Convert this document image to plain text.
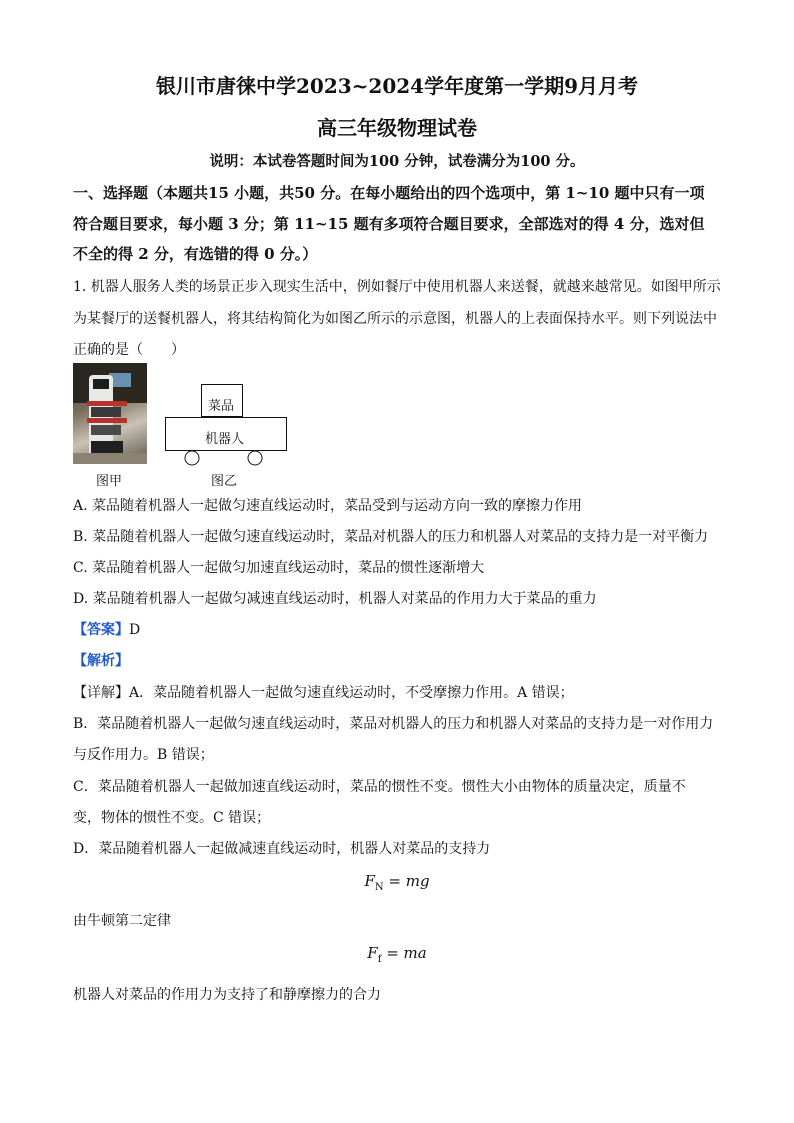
银川市唐徕中学2023~2024学年度第一学期9月月考
高三年级物理试卷
说明：本试卷答题时间为100 分钟，试卷满分为100 分。
一、选择题（本题共15 小题，共50 分。在每小题给出的四个选项中，第 1~10 题中只有一项
符合题目要求，每小题 3 分；第 11~15 题有多项符合题目要求，全部选对的得 4 分，选对但
不全的得 2 分，有选错的得 0 分。）
1. 机器人服务人类的场景正步入现实生活中，例如餐厅中使用机器人来送餐，就越来越常见。如图甲所示
为某餐厅的送餐机器人，将其结构简化为如图乙所示的示意图，机器人的上表面保持水平。则下列说法中
正确的是（　　）
图甲
菜品
机器人
图乙
A. 菜品随着机器人一起做匀速直线运动时，菜品受到与运动方向一致的摩擦力作用
B. 菜品随着机器人一起做匀速直线运动时，菜品对机器人的压力和机器人对菜品的支持力是一对平衡力
C. 菜品随着机器人一起做匀加速直线运动时，菜品的惯性逐渐增大
D. 菜品随着机器人一起做匀减速直线运动时，机器人对菜品的作用力大于菜品的重力
【答案】D
【解析】
【详解】A．菜品随着机器人一起做匀速直线运动时，不受摩擦力作用。A 错误；
B．菜品随着机器人一起做匀速直线运动时，菜品对机器人的压力和机器人对菜品的支持力是一对作用力
与反作用力。B 错误；
C．菜品随着机器人一起做加速直线运动时，菜品的惯性不变。惯性大小由物体的质量决定，质量不
变，物体的惯性不变。C 错误；
D．菜品随着机器人一起做减速直线运动时，机器人对菜品的支持力
$F_N$ = mg
由牛顿第二定律
$F_f$ = ma
机器人对菜品的作用力为支持了和静摩擦力的合力
